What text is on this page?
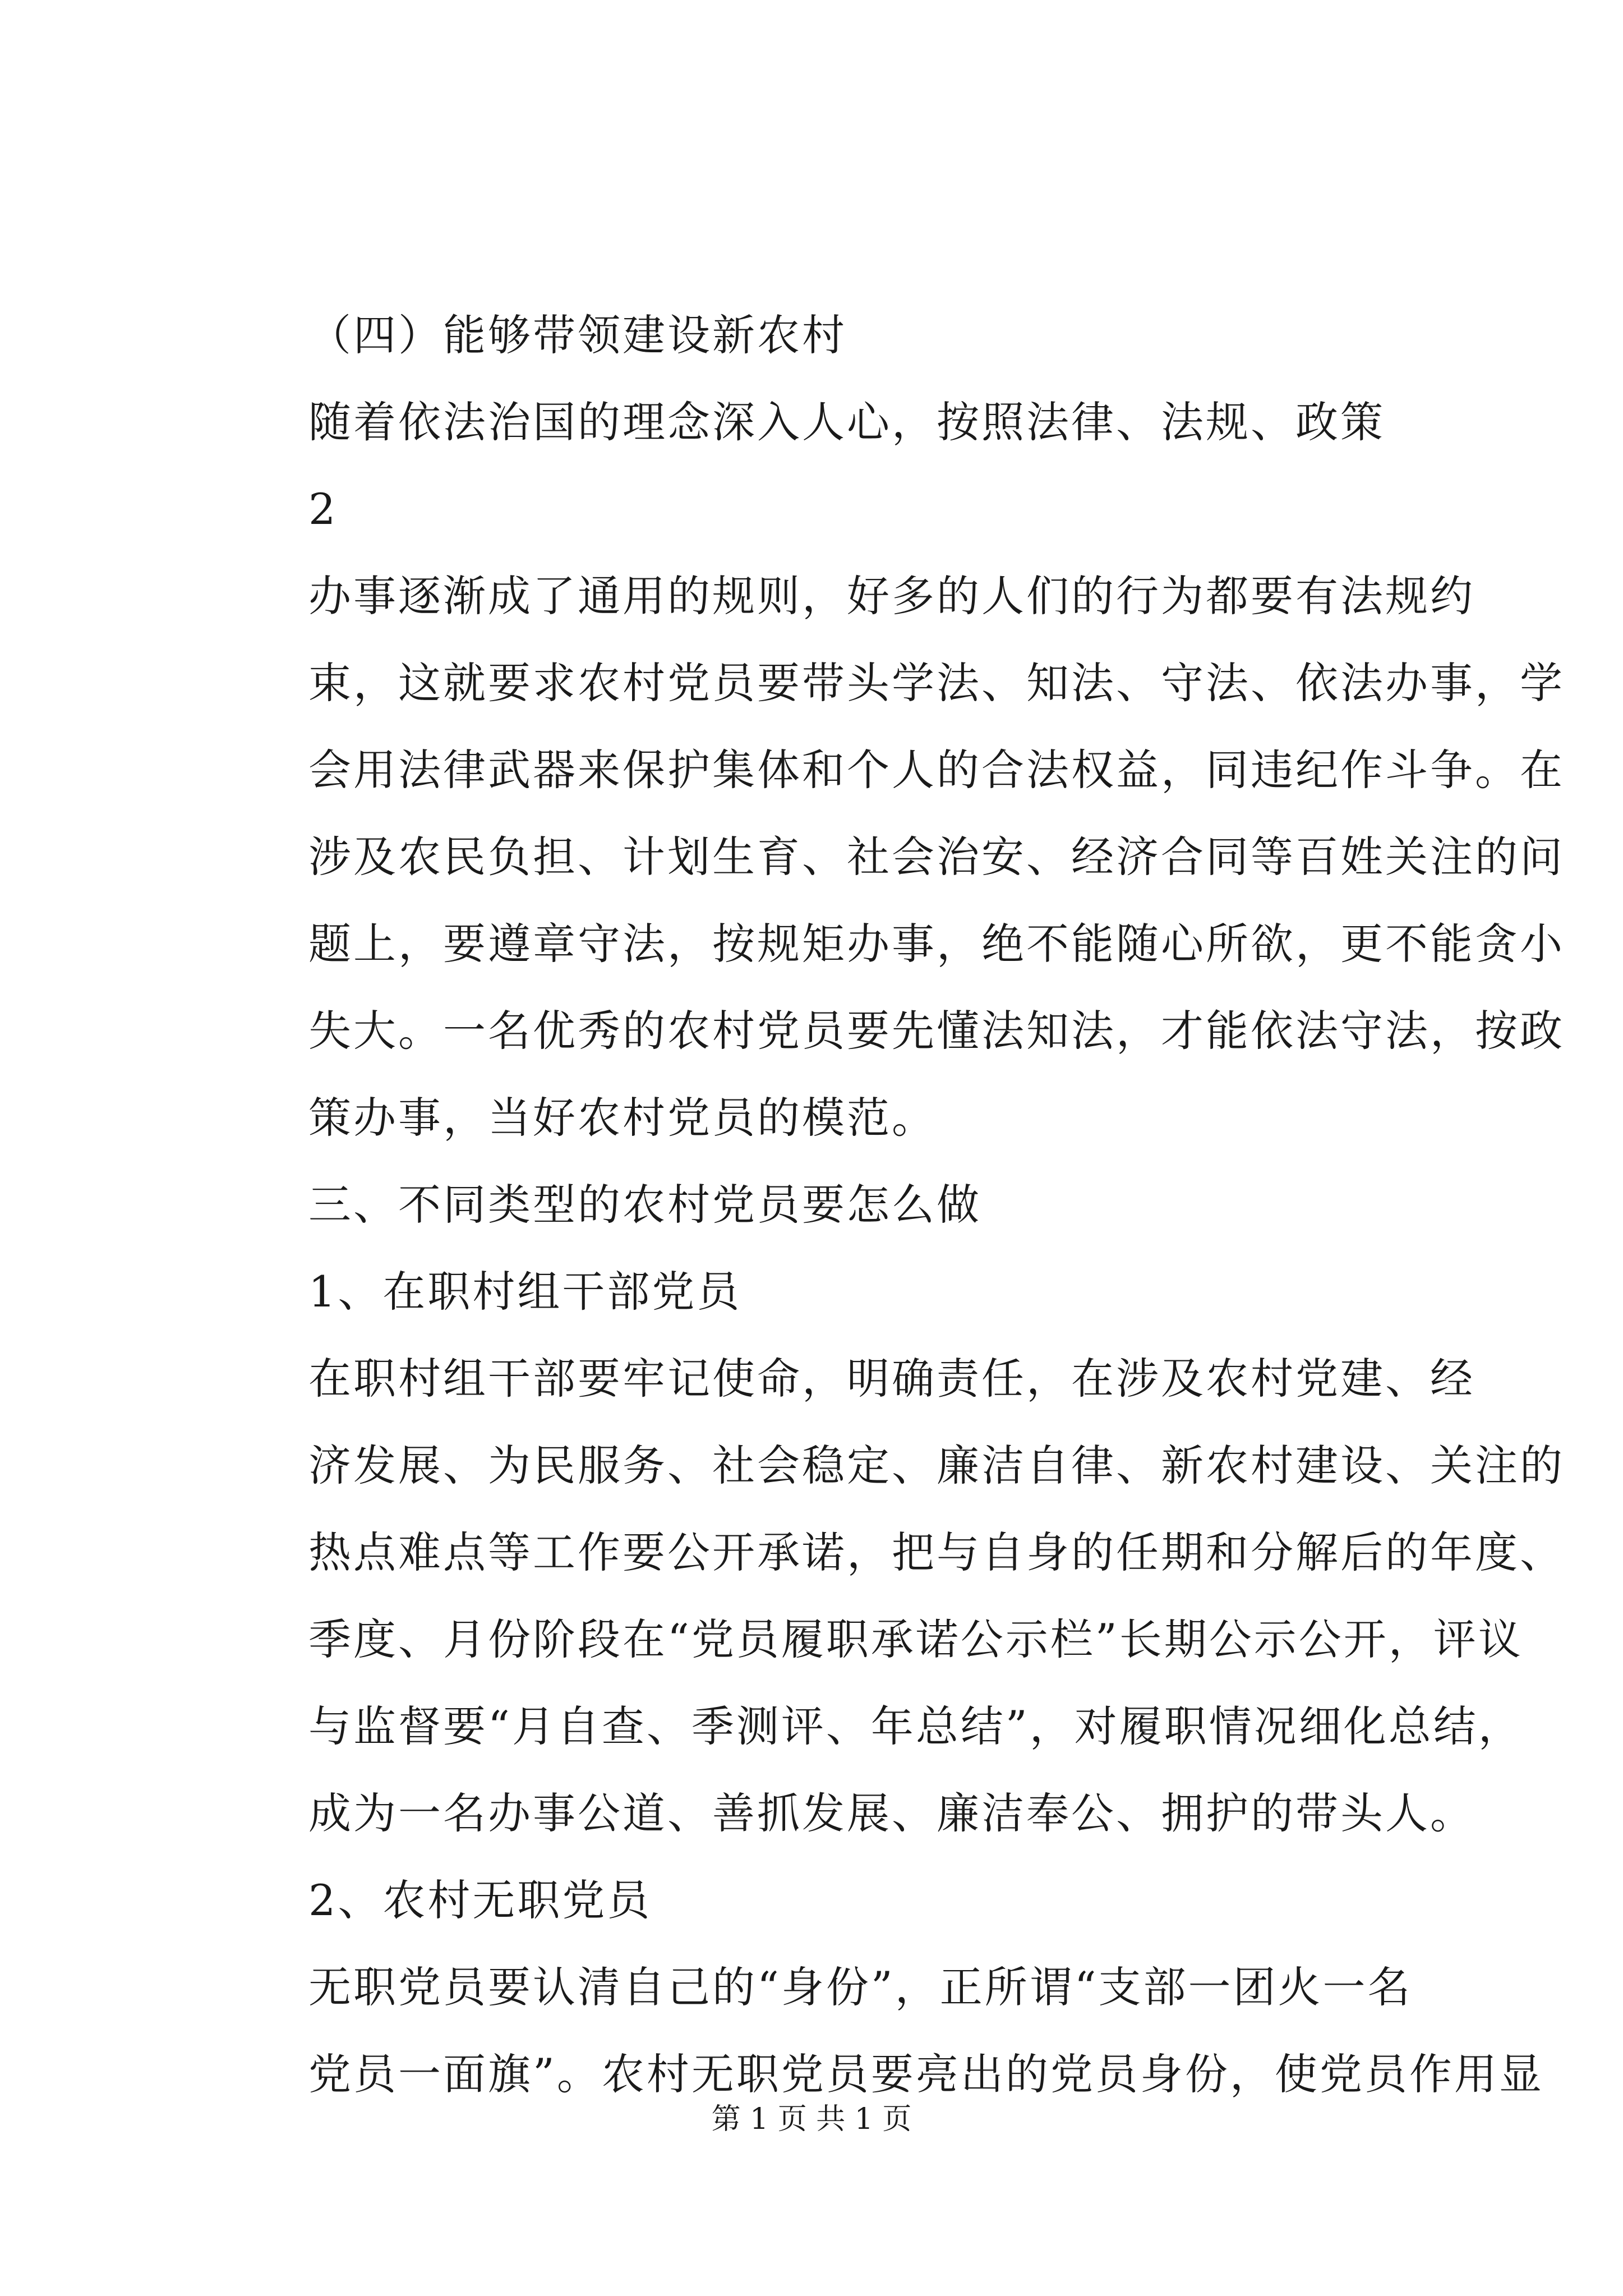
（四）能够带领建设新农村

随着依法治国的理念深入人心，按照法律、法规、政策

2

办事逐渐成了通用的规则，好多的人们的行为都要有法规约

束，这就要求农村党员要带头学法、知法、守法、依法办事，学

会用法律武器来保护集体和个人的合法权益，同违纪作斗争。在

涉及农民负担、计划生育、社会治安、经济合同等百姓关注的问

题上，要遵章守法，按规矩办事，绝不能随心所欲，更不能贪小

失大。一名优秀的农村党员要先懂法知法，才能依法守法，按政

策办事，当好农村党员的模范。

三、不同类型的农村党员要怎么做

1、在职村组干部党员

在职村组干部要牢记使命，明确责任，在涉及农村党建、经

济发展、为民服务、社会稳定、廉洁自律、新农村建设、关注的

热点难点等工作要公开承诺，把与自身的任期和分解后的年度、

季度、月份阶段在“党员履职承诺公示栏”长期公示公开，评议

与监督要“月自查、季测评、年总结”，对履职情况细化总结，

成为一名办事公道、善抓发展、廉洁奉公、拥护的带头人。

2、农村无职党员

无职党员要认清自己的“身份”，正所谓“支部一团火一名

党员一面旗”。农村无职党员要亮出的党员身份，使党员作用显

第 1 页 共 1 页
